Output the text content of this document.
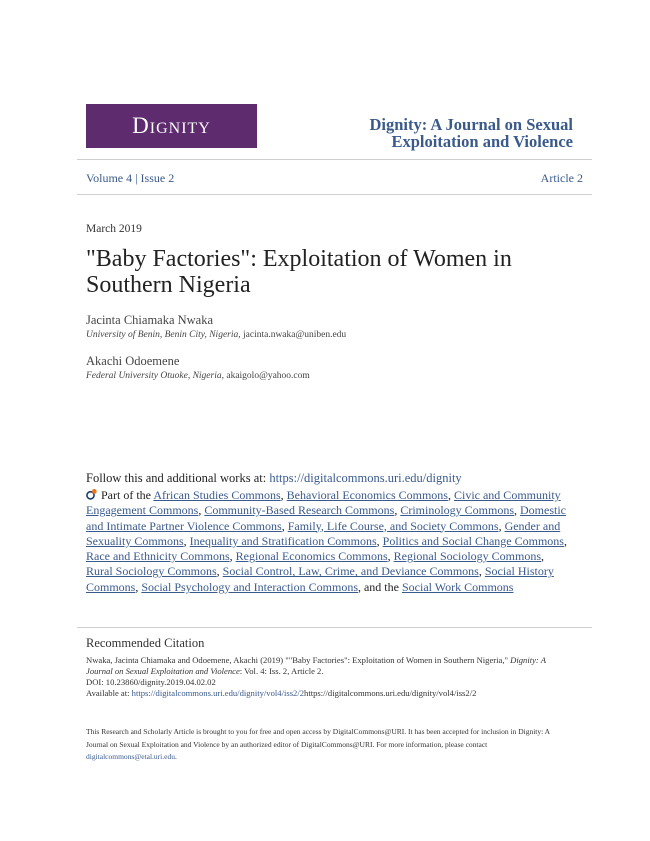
Dignity	Dignity: A Journal on Sexual Exploitation and Violence
Volume 4 | Issue 2	Article 2
March 2019
"Baby Factories": Exploitation of Women in Southern Nigeria
Jacinta Chiamaka Nwaka
University of Benin, Benin City, Nigeria, jacinta.nwaka@uniben.edu
Akachi Odoemene
Federal University Otuoke, Nigeria, akaigolo@yahoo.com
Follow this and additional works at: https://digitalcommons.uri.edu/dignity
Part of the African Studies Commons, Behavioral Economics Commons, Civic and Community Engagement Commons, Community-Based Research Commons, Criminology Commons, Domestic and Intimate Partner Violence Commons, Family, Life Course, and Society Commons, Gender and Sexuality Commons, Inequality and Stratification Commons, Politics and Social Change Commons, Race and Ethnicity Commons, Regional Economics Commons, Regional Sociology Commons, Rural Sociology Commons, Social Control, Law, Crime, and Deviance Commons, Social History Commons, Social Psychology and Interaction Commons, and the Social Work Commons
Recommended Citation
Nwaka, Jacinta Chiamaka and Odoemene, Akachi (2019) ""Baby Factories": Exploitation of Women in Southern Nigeria," Dignity: A Journal on Sexual Exploitation and Violence: Vol. 4: Iss. 2, Article 2.
DOI: 10.23860/dignity.2019.04.02.02
Available at: https://digitalcommons.uri.edu/dignity/vol4/iss2/2https://digitalcommons.uri.edu/dignity/vol4/iss2/2
This Research and Scholarly Article is brought to you for free and open access by DigitalCommons@URI. It has been accepted for inclusion in Dignity: A Journal on Sexual Exploitation and Violence by an authorized editor of DigitalCommons@URI. For more information, please contact
digitalcommons@etal.uri.edu.
